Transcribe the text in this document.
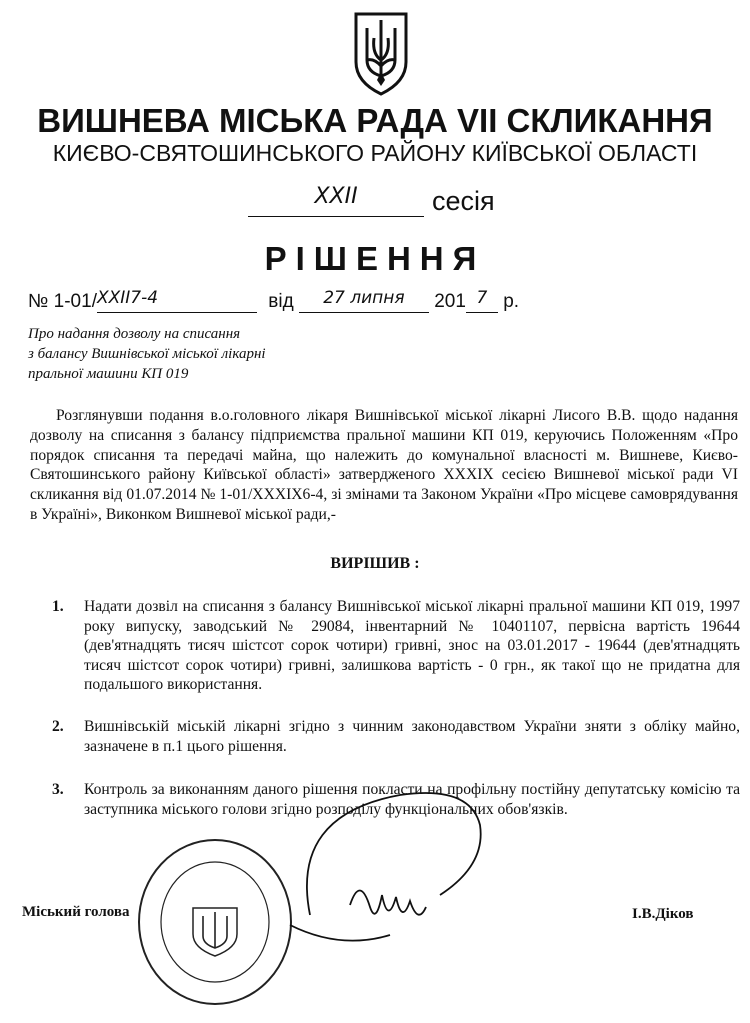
ВИШНЕВА МІСЬКА РАДА VII СКЛИКАННЯ
КИЄВО-СВЯТОШИНСЬКОГО РАЙОНУ КИЇВСЬКОЇ ОБЛАСТІ
XXII	сесія
РІШЕННЯ
№ 1-01/XXII7-4	від 27 липня 201 7 р.
Про надання дозволу на списання
з балансу Вишнівської міської лікарні
пральної машини КП 019

Розглянувши подання в.о.головного лікаря Вишнівської міської лікарні Лисого В.В. щодо надання дозволу на списання з балансу підприємства пральної машини КП 019, керуючись Положенням «Про порядок списання та передачі майна, що належить до комунальної власності м. Вишневе, Києво-Святошинського району Київської області» затвердженого XXXIX сесією Вишневої міської ради VI скликання від 01.07.2014 № 1-01/XXXIX6-4, зі змінами та Законом України «Про місцеве самоврядування в Україні», Виконком Вишневої міської ради,-

ВИРІШИВ :
1. Надати дозвіл на списання з балансу Вишнівської міської лікарні пральної машини КП 019, 1997 року випуску, заводський № 29084, інвентарний № 10401107, первісна вартість 19644 (дев'ятнадцять тисяч шістсот сорок чотири) гривні, знос на 03.01.2017 - 19644 (дев'ятнадцять тисяч шістсот сорок чотири) гривні, залишкова вартість - 0 грн., як такої що не придатна для подальшого використання.
2. Вишнівській міській лікарні згідно з чинним законодавством України зняти з обліку майно, зазначене в п.1 цього рішення.
3. Контроль за виконанням даного рішення покласти на профільну постійну депутатську комісію та заступника міського голови згідно розподілу функціональних обов'язків.
Міський голова	І.В.Діков
